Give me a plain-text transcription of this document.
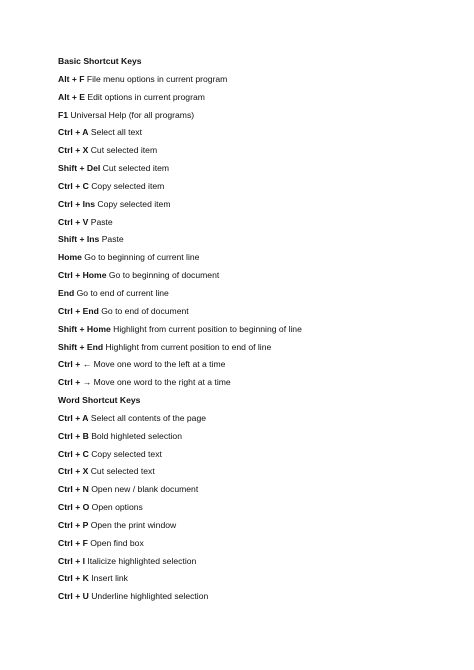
Basic Shortcut Keys
Alt + F File menu options in current program
Alt + E Edit options in current program
F1 Universal Help (for all programs)
Ctrl + A Select all text
Ctrl + X Cut selected item
Shift + Del Cut selected item
Ctrl + C Copy selected item
Ctrl + Ins Copy selected item
Ctrl + V Paste
Shift + Ins Paste
Home Go to beginning of current line
Ctrl + Home Go to beginning of document
End Go to end of current line
Ctrl + End Go to end of document
Shift + Home Highlight from current position to beginning of line
Shift + End Highlight from current position to end of line
Ctrl + ← Move one word to the left at a time
Ctrl + → Move one word to the right at a time
Word Shortcut Keys
Ctrl + A Select all contents of the page
Ctrl + B Bold highleted selection
Ctrl + C Copy selected text
Ctrl + X Cut selected text
Ctrl + N Open new / blank document
Ctrl + O Open options
Ctrl + P Open the print window
Ctrl + F Open find box
Ctrl + I Italicize highlighted selection
Ctrl + K Insert link
Ctrl + U Underline highlighted selection
